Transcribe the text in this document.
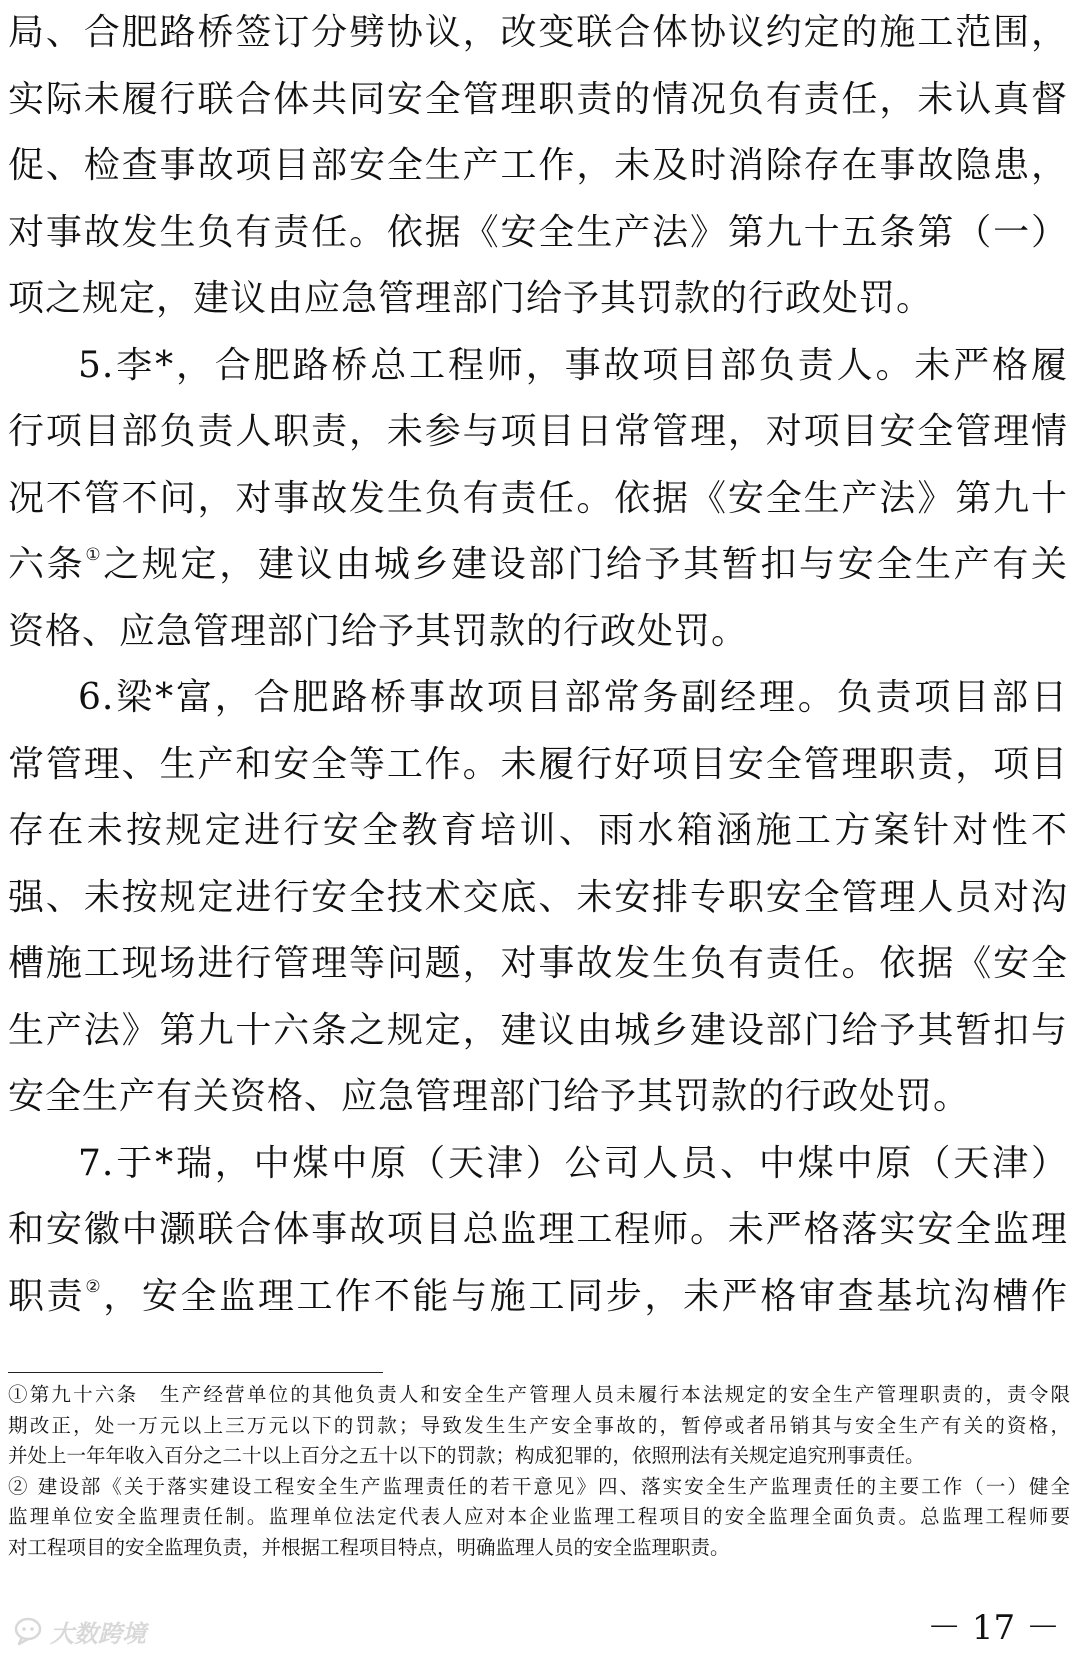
局、合肥路桥签订分劈协议，改变联合体协议约定的施工范围，
实际未履行联合体共同安全管理职责的情况负有责任，未认真督
促、检查事故项目部安全生产工作，未及时消除存在事故隐患，
对事故发生负有责任。依据《安全生产法》第九十五条第（一）
项之规定，建议由应急管理部门给予其罚款的行政处罚。
5.李*，合肥路桥总工程师，事故项目部负责人。未严格履
行项目部负责人职责，未参与项目日常管理，对项目安全管理情
况不管不问，对事故发生负有责任。依据《安全生产法》第九十
六条①之规定，建议由城乡建设部门给予其暂扣与安全生产有关
资格、应急管理部门给予其罚款的行政处罚。
6.梁*富，合肥路桥事故项目部常务副经理。负责项目部日
常管理、生产和安全等工作。未履行好项目安全管理职责，项目
存在未按规定进行安全教育培训、雨水箱涵施工方案针对性不
强、未按规定进行安全技术交底、未安排专职安全管理人员对沟
槽施工现场进行管理等问题，对事故发生负有责任。依据《安全
生产法》第九十六条之规定，建议由城乡建设部门给予其暂扣与
安全生产有关资格、应急管理部门给予其罚款的行政处罚。
7.于*瑞，中煤中原（天津）公司人员、中煤中原（天津）
和安徽中灏联合体事故项目总监理工程师。未严格落实安全监理
职责②，安全监理工作不能与施工同步，未严格审查基坑沟槽作
①第九十六条　生产经营单位的其他负责人和安全生产管理人员未履行本法规定的安全生产管理职责的，责令限
期改正，处一万元以上三万元以下的罚款；导致发生生产安全事故的，暂停或者吊销其与安全生产有关的资格，
并处上一年年收入百分之二十以上百分之五十以下的罚款；构成犯罪的，依照刑法有关规定追究刑事责任。
② 建设部《关于落实建设工程安全生产监理责任的若干意见》四、落实安全生产监理责任的主要工作（一）健全
监理单位安全监理责任制。监理单位法定代表人应对本企业监理工程项目的安全监理全面负责。总监理工程师要
对工程项目的安全监理负责，并根据工程项目特点，明确监理人员的安全监理职责。
大数跨境	－ 17 －
